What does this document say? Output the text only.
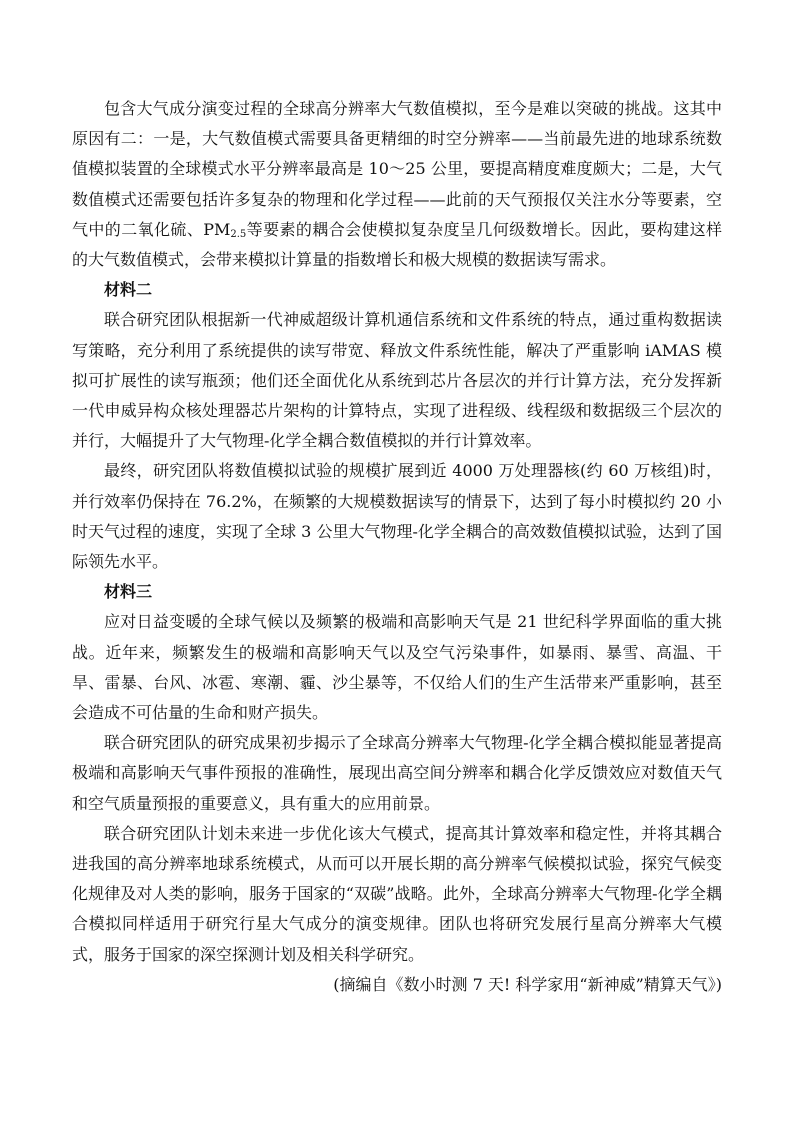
包含大气成分演变过程的全球高分辨率大气数值模拟，至今是难以突破的挑战。这其中原因有二：一是，大气数值模式需要具备更精细的时空分辨率——当前最先进的地球系统数值模拟装置的全球模式水平分辨率最高是 10～25 公里，要提高精度难度颇大；二是，大气数值模式还需要包括许多复杂的物理和化学过程——此前的天气预报仅关注水分等要素，空气中的二氧化硫、$PM_{2.5}$等要素的耦合会使模拟复杂度呈几何级数增长。因此，要构建这样的大气数值模式，会带来模拟计算量的指数增长和极大规模的数据读写需求。

材料二

联合研究团队根据新一代神威超级计算机通信系统和文件系统的特点，通过重构数据读写策略，充分利用了系统提供的读写带宽、释放文件系统性能，解决了严重影响 iAMAS 模拟可扩展性的读写瓶颈；他们还全面优化从系统到芯片各层次的并行计算方法，充分发挥新一代申威异构众核处理器芯片架构的计算特点，实现了进程级、线程级和数据级三个层次的并行，大幅提升了大气物理-化学全耦合数值模拟的并行计算效率。

最终，研究团队将数值模拟试验的规模扩展到近 4000 万处理器核(约 60 万核组)时，并行效率仍保持在 76.2%，在频繁的大规模数据读写的情景下，达到了每小时模拟约 20 小时天气过程的速度，实现了全球 3 公里大气物理-化学全耦合的高效数值模拟试验，达到了国际领先水平。

材料三

应对日益变暖的全球气候以及频繁的极端和高影响天气是 21 世纪科学界面临的重大挑战。近年来，频繁发生的极端和高影响天气以及空气污染事件，如暴雨、暴雪、高温、干旱、雷暴、台风、冰雹、寒潮、霾、沙尘暴等，不仅给人们的生产生活带来严重影响，甚至会造成不可估量的生命和财产损失。

联合研究团队的研究成果初步揭示了全球高分辨率大气物理-化学全耦合模拟能显著提高极端和高影响天气事件预报的准确性，展现出高空间分辨率和耦合化学反馈效应对数值天气和空气质量预报的重要意义，具有重大的应用前景。

联合研究团队计划未来进一步优化该大气模式，提高其计算效率和稳定性，并将其耦合进我国的高分辨率地球系统模式，从而可以开展长期的高分辨率气候模拟试验，探究气候变化规律及对人类的影响，服务于国家的“双碳”战略。此外，全球高分辨率大气物理-化学全耦合模拟同样适用于研究行星大气成分的演变规律。团队也将研究发展行星高分辨率大气模式，服务于国家的深空探测计划及相关科学研究。

(摘编自《数小时测 7 天! 科学家用“新神威”精算天气》)
